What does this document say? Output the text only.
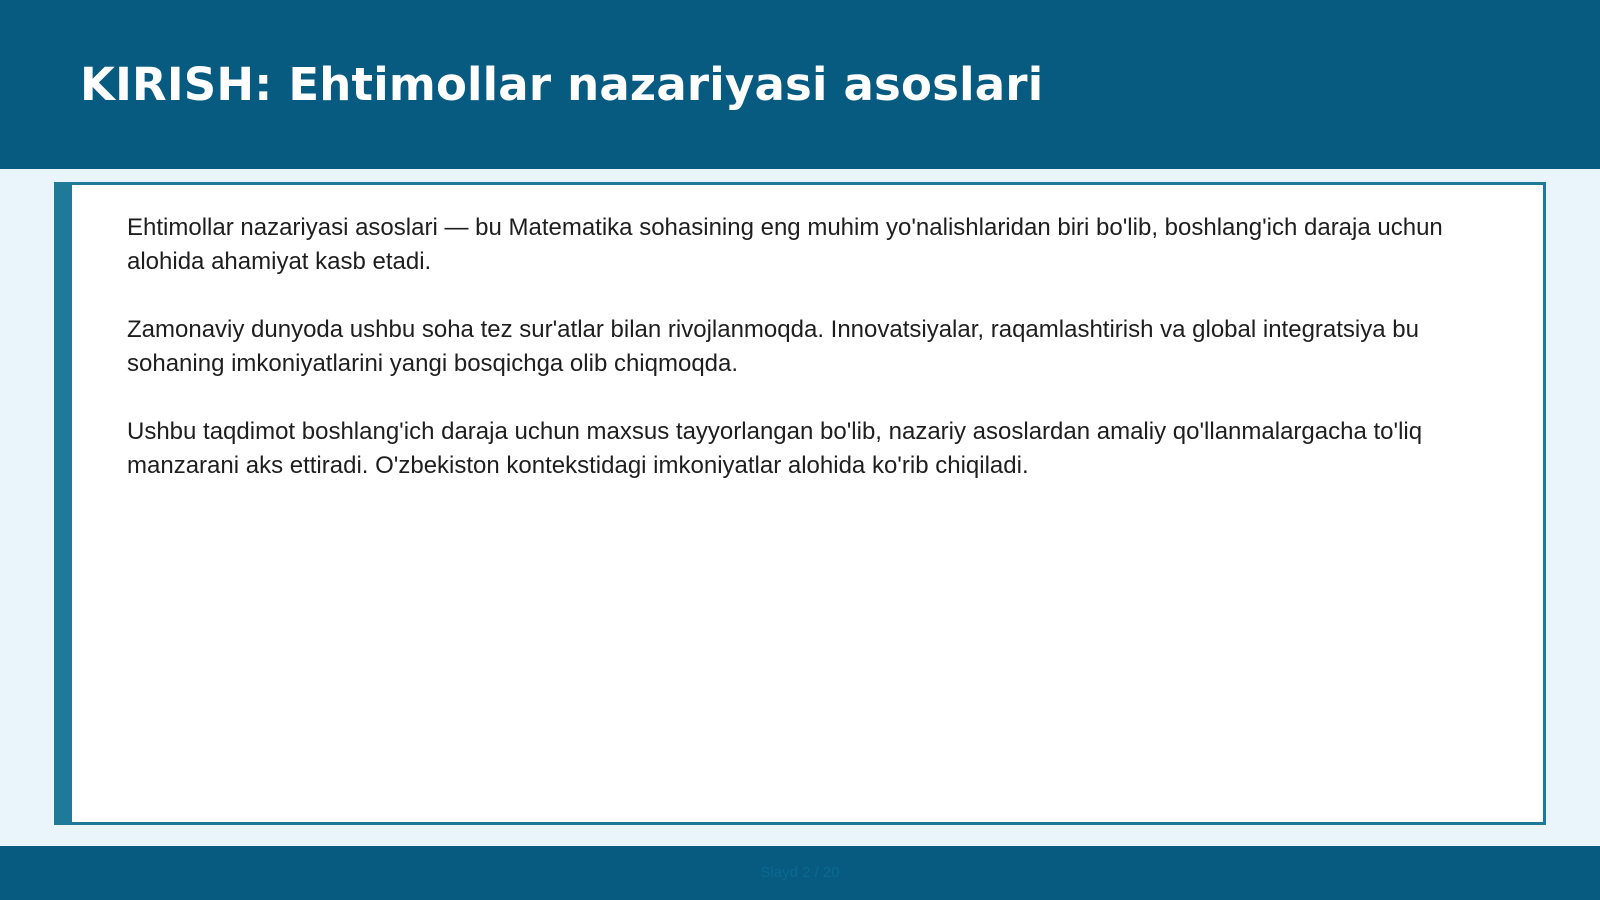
KIRISH: Ehtimollar nazariyasi asoslari

Ehtimollar nazariyasi asoslari — bu Matematika sohasining eng muhim yo'nalishlaridan biri bo'lib, boshlang'ich daraja uchun alohida ahamiyat kasb etadi.

Zamonaviy dunyoda ushbu soha tez sur'atlar bilan rivojlanmoqda. Innovatsiyalar, raqamlashtirish va global integratsiya bu sohaning imkoniyatlarini yangi bosqichga olib chiqmoqda.

Ushbu taqdimot boshlang'ich daraja uchun maxsus tayyorlangan bo'lib, nazariy asoslardan amaliy qo'llanmalargacha to'liq manzarani aks ettiradi. O'zbekiston kontekstidagi imkoniyatlar alohida ko'rib chiqiladi.

Slayd 2 / 20
